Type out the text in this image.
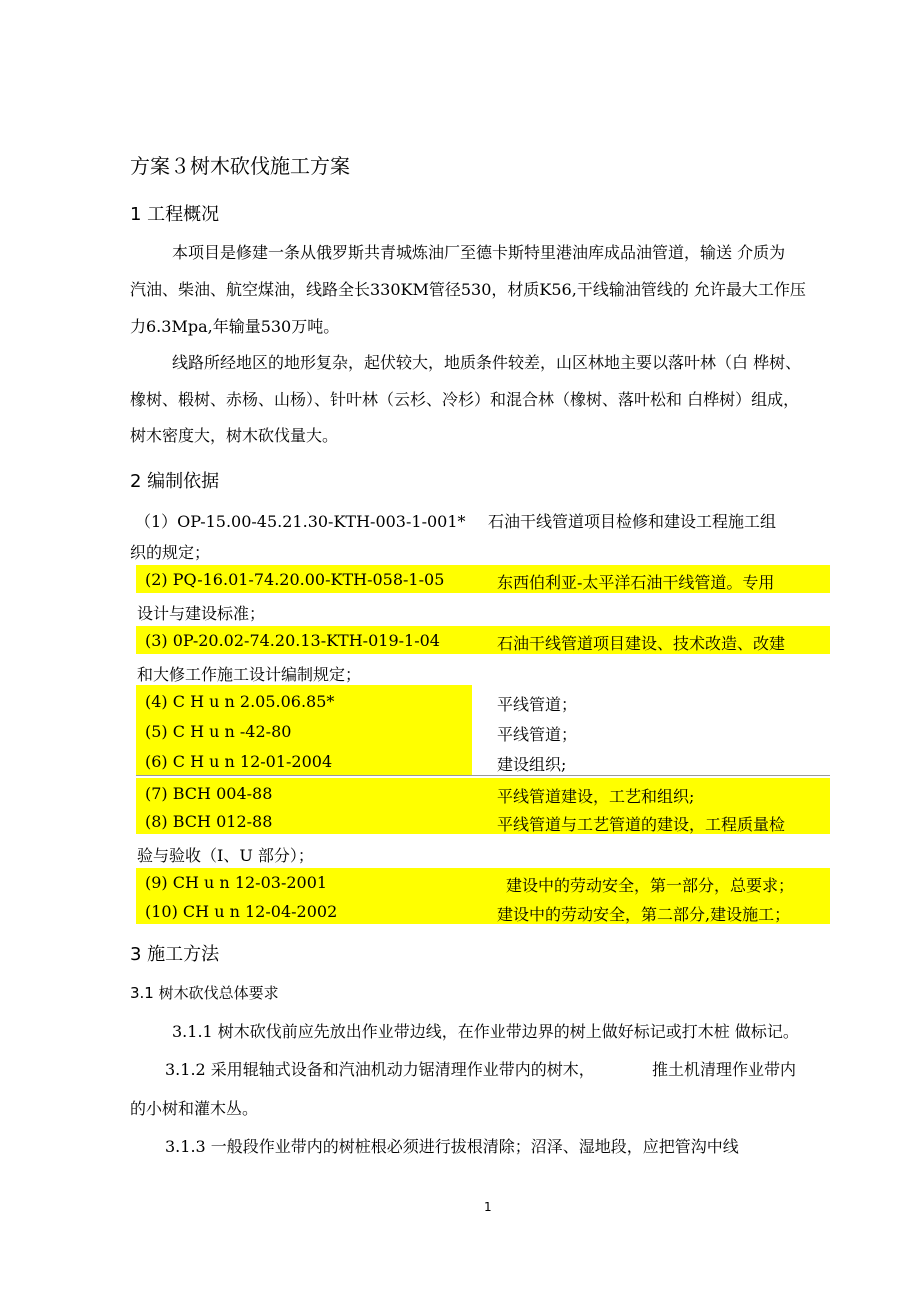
方案３树木砍伐施工方案
1 工程概况
本项目是修建一条从俄罗斯共青城炼油厂至德卡斯特里港油库成品油管道，输送 介质为
汽油、柴油、航空煤油，线路全长330KM管径530，材质K56,干线输油管线的 允许最大工作压
力6.3Mpa,年输量530万吨。
线路所经地区的地形复杂，起伏较大，地质条件较差，山区林地主要以落叶林（白 桦树、
橡树、椴树、赤杨、山杨）、针叶林（云杉、冷杉）和混合林（橡树、落叶松和 白桦树）组成，
树木密度大，树木砍伐量大。
2 编制依据
（1）OP-15.00-45.21.30-KTH-003-1-001* 石油干线管道项目检修和建设工程施工组
织的规定；
(2) PQ-16.01-74.20.00-KTH-058-1-05	东西伯利亚-太平洋石油干线管道。专用
设计与建设标准；
(3) 0P-20.02-74.20.13-KTH-019-1-04	石油干线管道项目建设、技术改造、改建
和大修工作施工设计编制规定；
(4) C H u n 2.05.06.85*	平线管道；
(5) C H u n -42-80	平线管道；
(6) C H u n 12-01-2004	建设组织;
(7) BCH 004-88	平线管道建设，工艺和组织;
(8) BCH 012-88	平线管道与工艺管道的建设，工程质量检
验与验收（I、U 部分）；
(9) CH u n 12-03-2001	建设中的劳动安全，第一部分，总要求；
(10) CH u n 12-04-2002	建设中的劳动安全，第二部分,建设施工；
3 施工方法
3.1 树木砍伐总体要求
3.1.1 树木砍伐前应先放出作业带边线，在作业带边界的树上做好标记或打木桩 做标记。
3.1.2 采用辊轴式设备和汽油机动力锯清理作业带内的树木，	推土机清理作业带内
的小树和灌木丛。
3.1.3 一般段作业带内的树桩根必须进行拔根清除；沼泽、湿地段，应把管沟中线
1
